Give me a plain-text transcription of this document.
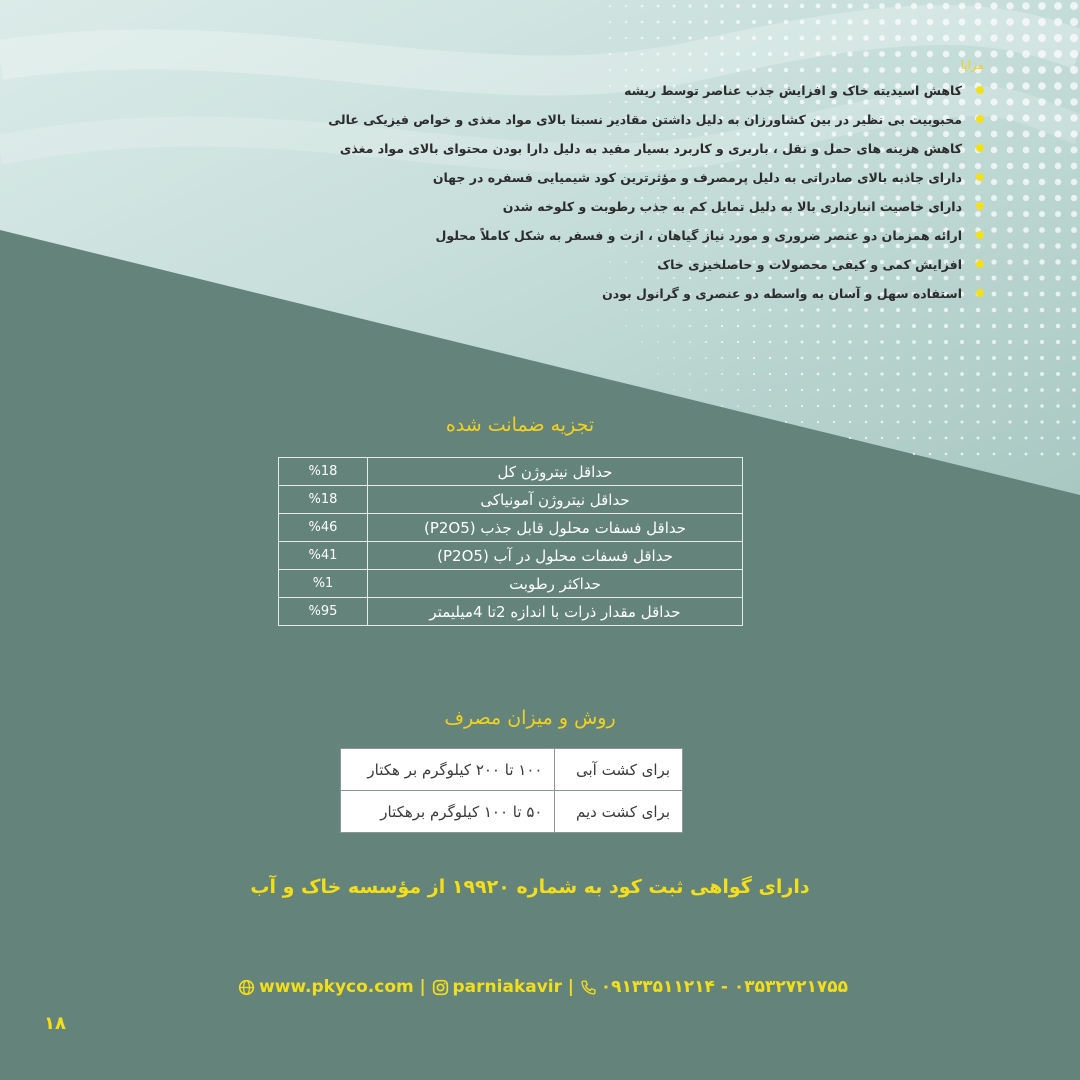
مزایا
کاهش اسیدیته خاک و افزایش جذب عناصر توسط ریشه
محبوبیت بی نظیر در بین کشاورزان به دلیل داشتن مقادیر نسبتا بالای مواد مغذی و خواص فیزیکی عالی
کاهش هزینه های حمل و نقل ، باربری و کاربرد بسیار مفید به دلیل دارا بودن محتوای بالای مواد مغذی
دارای جاذبه بالای صادراتی به دلیل پرمصرف و مؤثرترین کود شیمیایی فسفره در جهان
دارای خاصیت انبارداری بالا به دلیل تمایل کم به جذب رطوبت و کلوخه شدن
ارائه همزمان دو عنصر ضروری و مورد نیاز گیاهان ، ازت و فسفر به شکل کاملاً محلول
افزایش کمی و کیفی محصولات و حاصلخیزی خاک
استفاده سهل و آسان به واسطه دو عنصری و گرانول بودن
تجزیه ضمانت شده
حداقل نیتروژن کل	%18
حداقل نیتروژن آمونیاکی	%18
حداقل فسفات محلول قابل جذب (P2O5)	%46
حداقل فسفات محلول در آب (P2O5)	%41
حداکثر رطوبت	%1
حداقل مقدار ذرات با اندازه 2تا 4میلیمتر	%95
روش و میزان مصرف
برای کشت آبی	۱۰۰ تا ۲۰۰ کیلوگرم بر هکتار
برای کشت دیم	۵۰ تا ۱۰۰ کیلوگرم برهکتار
دارای گواهی ثبت کود به شماره ۱۹۹۲۰ از مؤسسه خاک و آب
www.pkyco.com | parniakavir | ۰۹۱۳۳۵۱۱۲۱۴ - ۰۳۵۳۲۷۲۱۷۵۵
۱۸
